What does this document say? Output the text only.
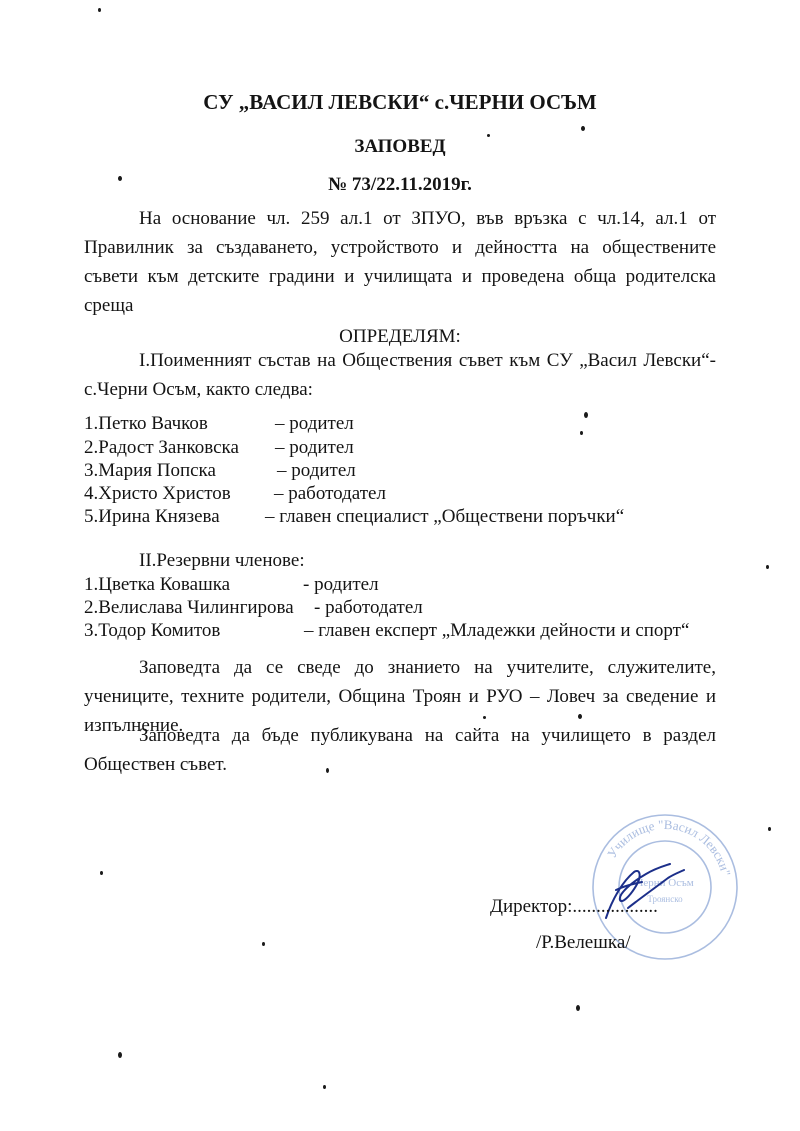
СУ „ВАСИЛ ЛЕВСКИ“ с.ЧЕРНИ ОСЪМ
ЗАПОВЕД
№ 73/22.11.2019г.
На основание чл. 259 ал.1 от ЗПУО, във връзка с чл.14, ал.1 от Правилник за създаването, устройството и дейността на обществените съвети към детските градини и училищата и проведена обща родителска среща
ОПРЕДЕЛЯМ:
I.Поименният състав на Обществения съвет към СУ „Васил Левски“-с.Черни Осъм, както следва:
1.Петко Вачков	– родител
2.Радост Занковска – родител
3.Мария Попска	– родител
4.Христо Христов – работодател
5.Ирина Князева – главен специалист „Обществени поръчки“
II.Резервни членове:
1.Цветка Ковашка	- родител
2.Велислава Чилингирова - работодател
3.Тодор Комитов	– главен експерт „Младежки дейности и спорт“
Заповедта да се сведе до знанието на учителите, служителите, учениците, техните родители, Община Троян и РУО – Ловеч за сведение и изпълнение.
Заповедта да бъде публикувана на сайта на училището в раздел Обществен съвет.
Училище "Васил Левски"
Черни Осъм
Троянско
Директор:..................
/Р.Велешка/
